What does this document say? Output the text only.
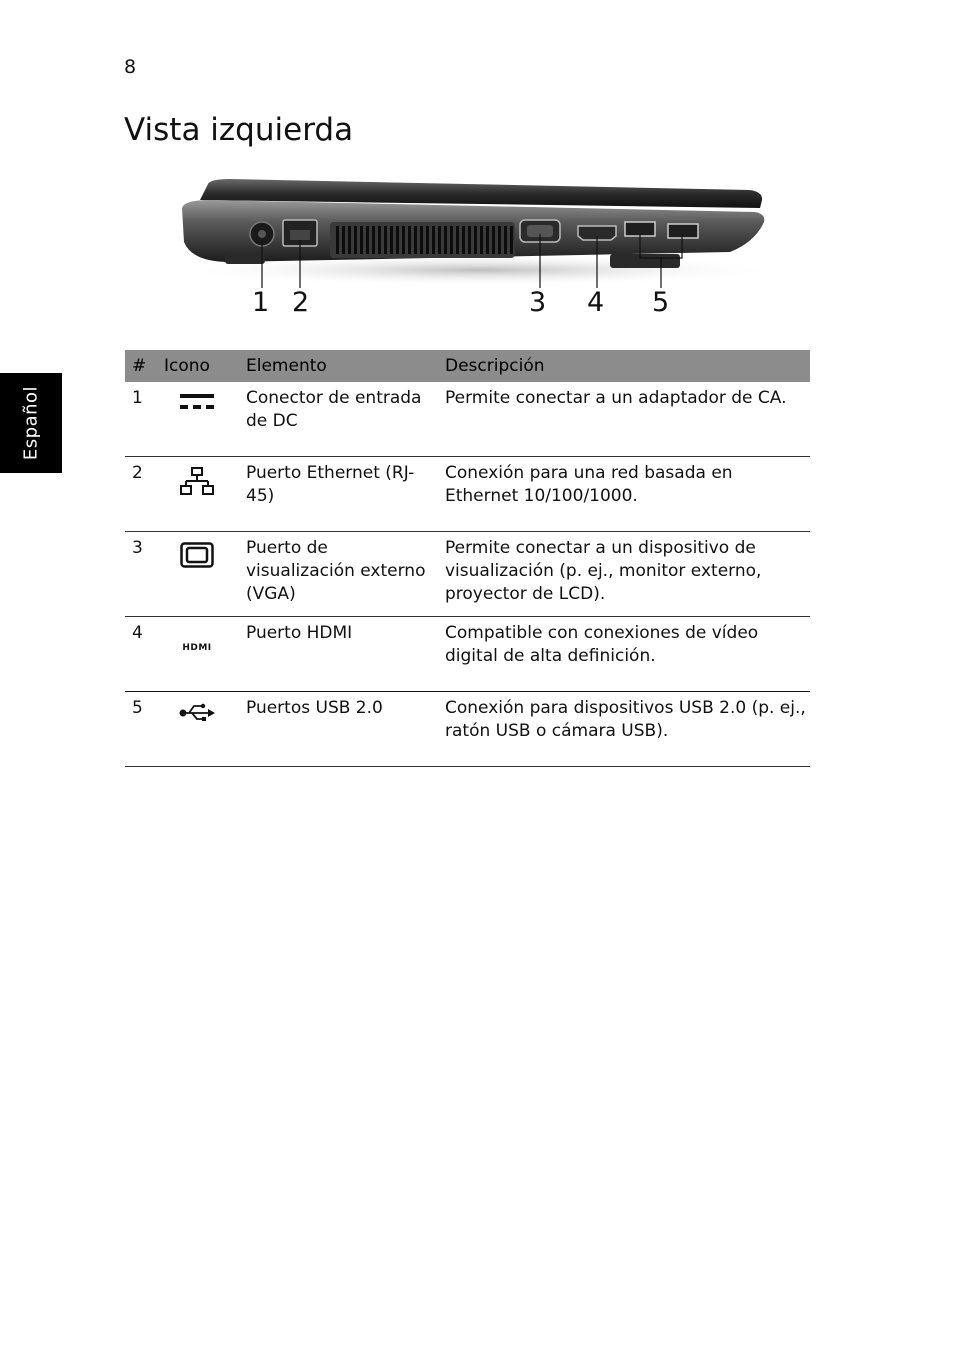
8
Vista izquierda
Español
1 2	3 4 5
#	Icono	Elemento	Descripción
1		Conector de entrada de DC	Permite conectar a un adaptador de CA.
2		Puerto Ethernet (RJ-45)	Conexión para una red basada en Ethernet 10/100/1000.
3		Puerto de visualización externo (VGA)	Permite conectar a un dispositivo de visualización (p. ej., monitor externo, proyector de LCD).
4	HDMI	Puerto HDMI	Compatible con conexiones de vídeo digital de alta definición.
5		Puertos USB 2.0	Conexión para dispositivos USB 2.0 (p. ej., ratón USB o cámara USB).
